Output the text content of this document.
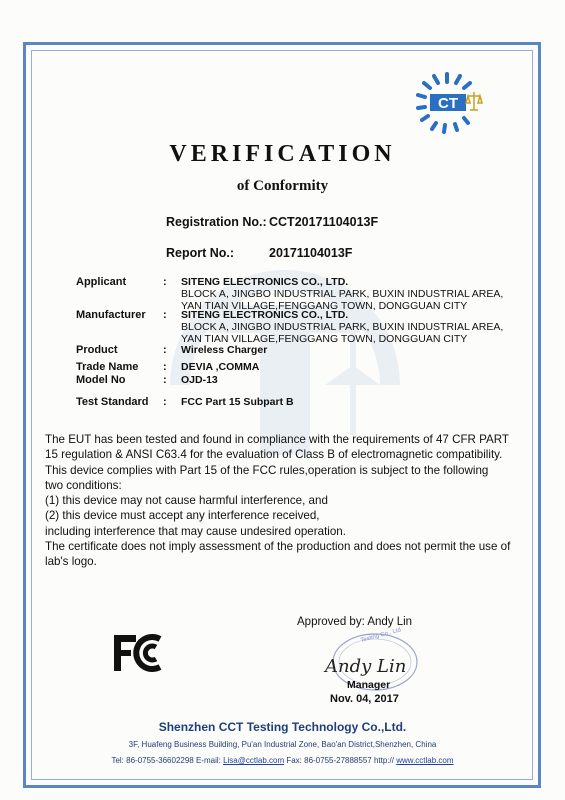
CT
VERIFICATION
of Conformity
Registration No.: CCT20171104013F
Report No.:	20171104013F
Applicant	: SITENG ELECTRONICS CO., LTD.
BLOCK A, JINGBO INDUSTRIAL PARK, BUXIN INDUSTRIAL AREA,
YAN TIAN VILLAGE,FENGGANG TOWN, DONGGUAN CITY
Manufacturer : SITENG ELECTRONICS CO., LTD.
BLOCK A, JINGBO INDUSTRIAL PARK, BUXIN INDUSTRIAL AREA,
YAN TIAN VILLAGE,FENGGANG TOWN, DONGGUAN CITY
Product	: Wireless Charger
Trade Name : DEVIA ,COMMA
Model No	: OJD-13
Test Standard : FCC Part 15 Subpart B
The EUT has been tested and found in compliance with the requirements of 47 CFR PART
15 regulation & ANSI C63.4 for the evaluation of Class B of electromagnetic compatibility.
This device complies with Part 15 of the FCC rules,operation is subject to the following
two conditions:
(1) this device may not cause harmful interference, and
(2) this device must accept any interference received,
including interference that may cause undesired operation.
The certificate does not imply assessment of the production and does not permit the use of
lab's logo.
Approved by: Andy Lin
Testing Co., Ltd
Andy Lin
Manager
Nov. 04, 2017
Shenzhen CCT Testing Technology Co.,Ltd.
3F, Huafeng Business Building, Pu'an Industrial Zone, Bao'an District,Shenzhen, China
Tel: 86-0755-36602298 E-mail: Lisa@cctlab.com Fax: 86-0755-27888557 http:// www.cctlab.com
